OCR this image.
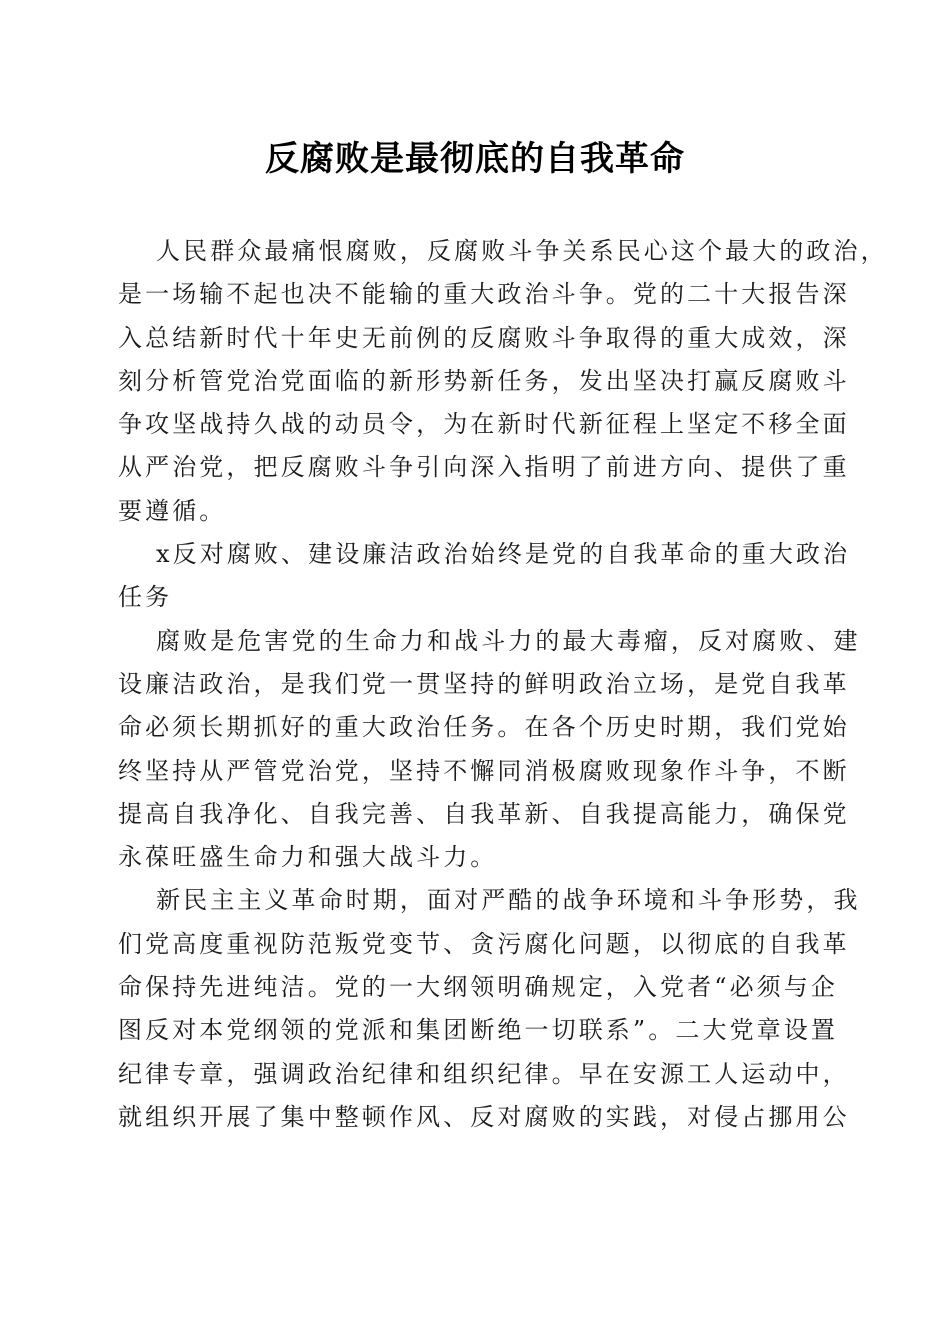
反腐败是最彻底的自我革命
人民群众最痛恨腐败，反腐败斗争关系民心这个最大的政治，
是一场输不起也决不能输的重大政治斗争。党的二十大报告深
入总结新时代十年史无前例的反腐败斗争取得的重大成效，深
刻分析管党治党面临的新形势新任务，发出坚决打赢反腐败斗
争攻坚战持久战的动员令，为在新时代新征程上坚定不移全面
从严治党，把反腐败斗争引向深入指明了前进方向、提供了重
要遵循。
x反对腐败、建设廉洁政治始终是党的自我革命的重大政治
任务
腐败是危害党的生命力和战斗力的最大毒瘤，反对腐败、建
设廉洁政治，是我们党一贯坚持的鲜明政治立场，是党自我革
命必须长期抓好的重大政治任务。在各个历史时期，我们党始
终坚持从严管党治党，坚持不懈同消极腐败现象作斗争，不断
提高自我净化、自我完善、自我革新、自我提高能力，确保党
永葆旺盛生命力和强大战斗力。
新民主主义革命时期，面对严酷的战争环境和斗争形势，我
们党高度重视防范叛党变节、贪污腐化问题，以彻底的自我革
命保持先进纯洁。党的一大纲领明确规定，入党者“必须与企
图反对本党纲领的党派和集团断绝一切联系”。二大党章设置
纪律专章，强调政治纪律和组织纪律。早在安源工人运动中，
就组织开展了集中整顿作风、反对腐败的实践，对侵占挪用公
